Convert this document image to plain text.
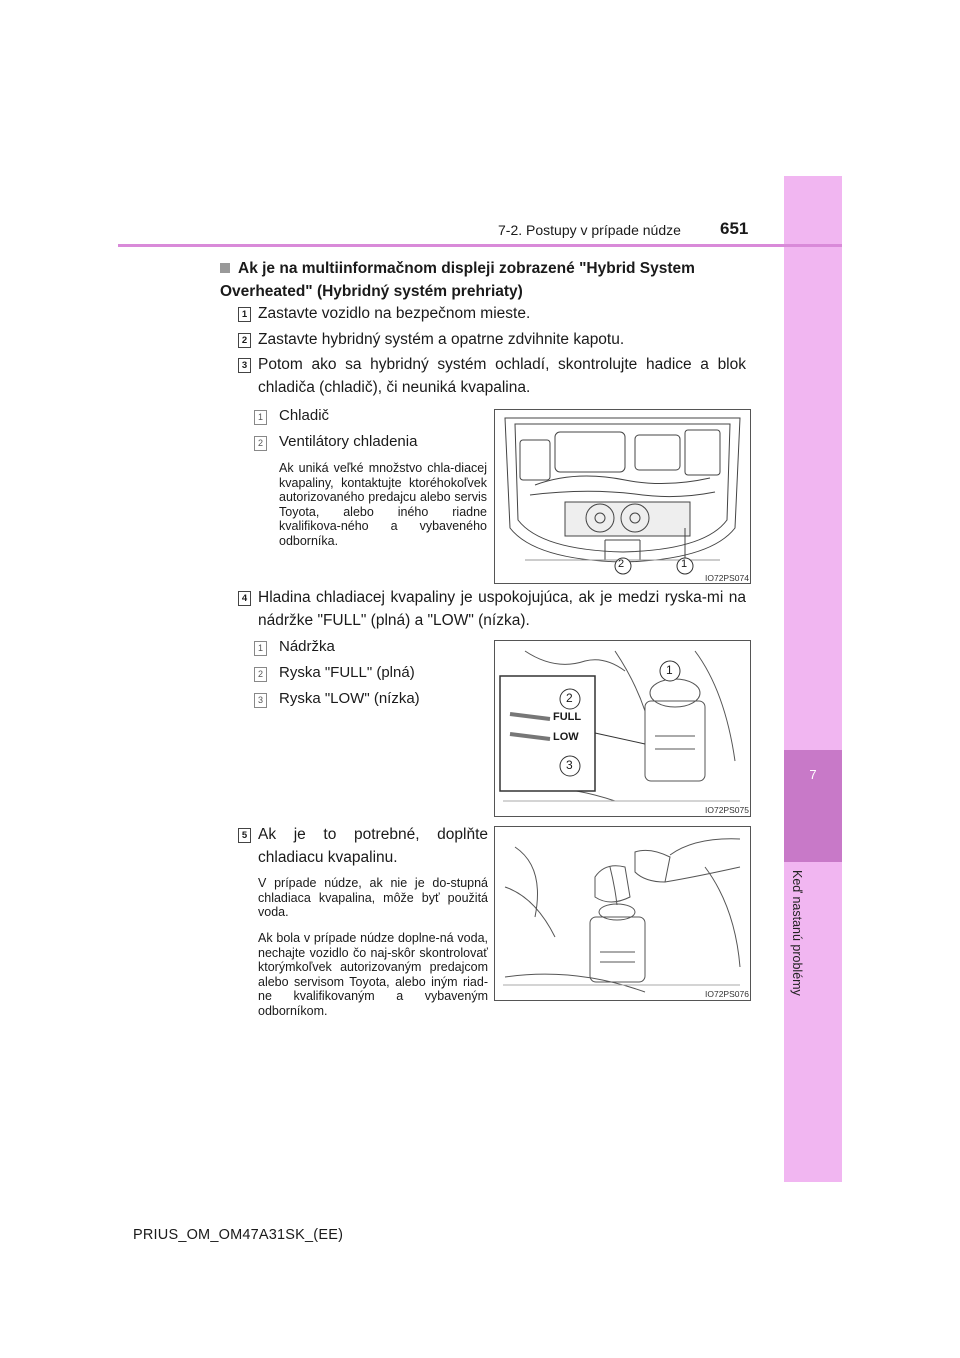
7
Keď nastanú problémy
7-2. Postupy v prípade núdze 651
Ak je na multiinformačnom displeji zobrazené "Hybrid System Overheated" (Hybridný systém prehriaty)
1 Zastavte vozidlo na bezpečnom mieste.
2 Zastavte hybridný systém a opatrne zdvihnite kapotu.
3 Potom ako sa hybridný systém ochladí, skontrolujte hadice a blok chladiča (chladič), či neuniká kvapalina.
1 Chladič
2 Ventilátory chladenia
Ak uniká veľké množstvo chla-diacej kvapaliny, kontaktujte ktoréhokoľvek autorizovaného predajcu alebo servis Toyota, alebo iného riadne kvalifikova-ného a vybaveného odborníka.
2	1
IO72PS074
4 Hladina chladiacej kvapaliny je uspokojujúca, ak je medzi ryska-mi na nádržke "FULL" (plná) a "LOW" (nízka).
1 Nádržka
2 Ryska "FULL" (plná)
3 Ryska "LOW" (nízka)
1
2
3
FULL
LOW
IO72PS075
5 Ak je to potrebné, doplňte chladiacu kvapalinu.
V prípade núdze, ak nie je do-stupná chladiaca kvapalina, môže byť použitá voda.
Ak bola v prípade núdze doplne-ná voda, nechajte vozidlo čo naj-skôr skontrolovať ktorýmkoľvek autorizovaným predajcom alebo servisom Toyota, alebo iným riad-ne kvalifikovaným a vybaveným odborníkom.
IO72PS076
PRIUS_OM_OM47A31SK_(EE)
